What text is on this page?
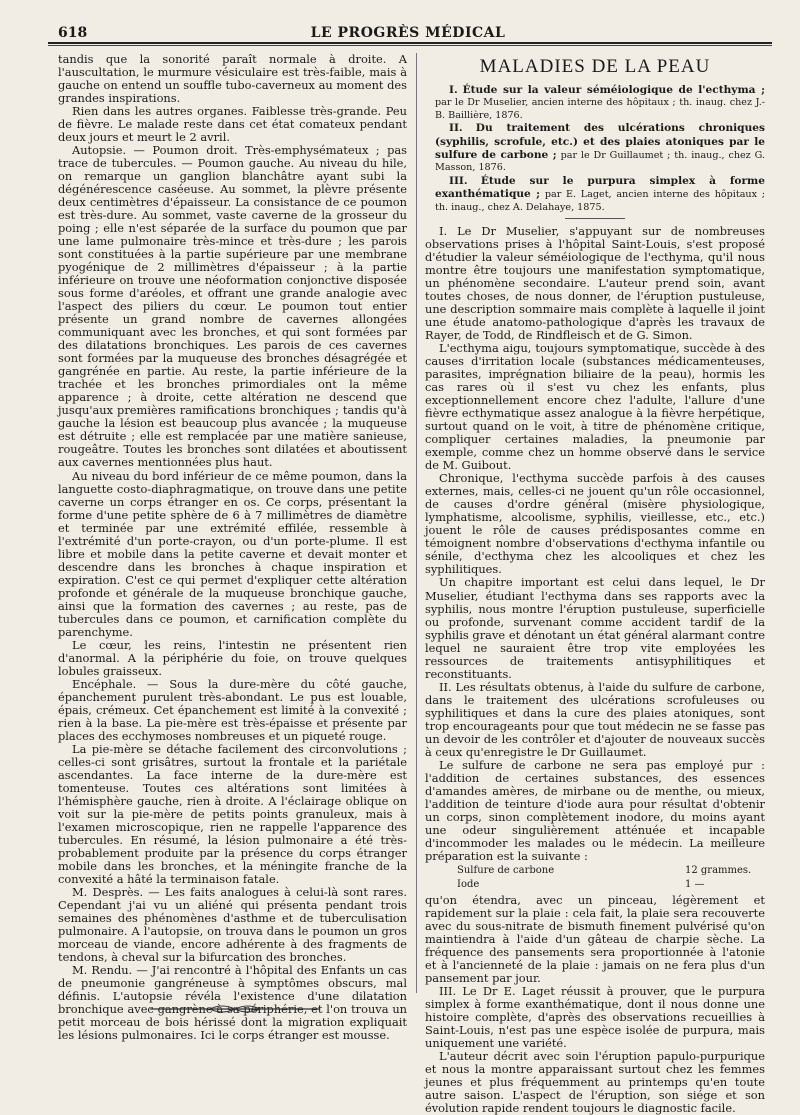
618	LE PROGRÈS MÉDICAL

tandis que la sonorité paraît normale à droite. A l'auscultation, le murmure vésiculaire est très-faible, mais à gauche on entend un souffle tubo-caverneux au moment des grandes inspirations.

Rien dans les autres organes. Faiblesse très-grande. Peu de fièvre. Le malade reste dans cet état comateux pendant deux jours et meurt le 2 avril.

Autopsie. — Poumon droit. Très-emphysémateux ; pas trace de tubercules. — Poumon gauche. Au niveau du hile, on remarque un ganglion blanchâtre ayant subi la dégénérescence caséeuse. Au sommet, la plèvre présente deux centimètres d'épaisseur. La consistance de ce poumon est très-dure. Au sommet, vaste caverne de la grosseur du poing ; elle n'est séparée de la surface du poumon que par une lame pulmonaire très-mince et très-dure ; les parois sont constituées à la partie supérieure par une membrane pyogénique de 2 millimètres d'épaisseur ; à la partie inférieure on trouve une néoformation conjonctive disposée sous forme d'aréoles, et offrant une grande analogie avec l'aspect des piliers du cœur. Le poumon tout entier présente un grand nombre de cavernes allongées communiquant avec les bronches, et qui sont formées par des dilatations bronchiques. Les parois de ces cavernes sont formées par la muqueuse des bronches désagrégée et gangrénée en partie. Au reste, la partie inférieure de la trachée et les bronches primordiales ont la même apparence ; à droite, cette altération ne descend que jusqu'aux premières ramifications bronchiques ; tandis qu'à gauche la lésion est beaucoup plus avancée ; la muqueuse est détruite ; elle est remplacée par une matière sanieuse, rougeâtre. Toutes les bronches sont dilatées et aboutissent aux cavernes mentionnées plus haut.

Au niveau du bord inférieur de ce même poumon, dans la languette costo-diaphragmatique, on trouve dans une petite caverne un corps étranger en os. Ce corps, présentant la forme d'une petite sphère de 6 à 7 millimètres de diamètre et terminée par une extrémité effilée, ressemble à l'extrémité d'un porte-crayon, ou d'un porte-plume. Il est libre et mobile dans la petite caverne et devait monter et descendre dans les bronches à chaque inspiration et expiration. C'est ce qui permet d'expliquer cette altération profonde et générale de la muqueuse bronchique gauche, ainsi que la formation des cavernes ; au reste, pas de tubercules dans ce poumon, et carnification complète du parenchyme.

Le cœur, les reins, l'intestin ne présentent rien d'anormal. A la périphérie du foie, on trouve quelques lobules graisseux.

Encéphale. — Sous la dure-mère du côté gauche, épanchement purulent très-abondant. Le pus est louable, épais, crémeux. Cet épanchement est limité à la convexité ; rien à la base. La pie-mère est très-épaisse et présente par places des ecchymoses nombreuses et un piqueté rouge.

La pie-mère se détache facilement des circonvolutions ; celles-ci sont grisâtres, surtout la frontale et la pariétale ascendantes. La face interne de la dure-mère est tomenteuse. Toutes ces altérations sont limitées à l'hémisphère gauche, rien à droite. A l'éclairage oblique on voit sur la pie-mère de petits points granuleux, mais à l'examen microscopique, rien ne rappelle l'apparence des tubercules. En résumé, la lésion pulmonaire a été très-probablement produite par la présence du corps étranger mobile dans les bronches, et la méningite franche de la convexité a hâté la terminaison fatale.

M. Desprès. — Les faits analogues à celui-là sont rares. Cependant j'ai vu un aliéné qui présenta pendant trois semaines des phénomènes d'asthme et de tuberculisation pulmonaire. A l'autopsie, on trouva dans le poumon un gros morceau de viande, encore adhérente à des fragments de tendons, à cheval sur la bifurcation des bronches.

M. Rendu. — J'ai rencontré à l'hôpital des Enfants un cas de pneumonie gangréneuse à symptômes obscurs, mal définis. L'autopsie révéla l'existence d'une dilatation bronchique avec gangrène à sa périphérie, et l'on trouva un petit morceau de bois hérissé dont la migration expliquait les lésions pulmonaires. Ici le corps étranger est mousse.

MALADIES DE LA PEAU

I. Étude sur la valeur séméiologique de l'ecthyma ; par le Dr Muselier, ancien interne des hôpitaux ; th. inaug. chez J.-B. Baillière, 1876.

II. Du traitement des ulcérations chroniques (syphilis, scrofule, etc.) et des plaies atoniques par le sulfure de carbone ; par le Dr Guillaumet ; th. inaug., chez G. Masson, 1876.

III. Étude sur le purpura simplex à forme exanthématique ; par E. Laget, ancien interne des hôpitaux ; th. inaug., chez A. Delahaye, 1875.

I. Le Dr Muselier, s'appuyant sur de nombreuses observations prises à l'hôpital Saint-Louis, s'est proposé d'étudier la valeur séméiologique de l'ecthyma, qu'il nous montre être toujours une manifestation symptomatique, un phénomène secondaire. L'auteur prend soin, avant toutes choses, de nous donner, de l'éruption pustuleuse, une description sommaire mais complète à laquelle il joint une étude anatomo-pathologique d'après les travaux de Rayer, de Todd, de Rindfleisch et de G. Simon.

L'ecthyma aigu, toujours symptomatique, succède à des causes d'irritation locale (substances médicamenteuses, parasites, imprégnation biliaire de la peau), hormis les cas rares où il s'est vu chez les enfants, plus exceptionnellement encore chez l'adulte, l'allure d'une fièvre ecthymatique assez analogue à la fièvre herpétique, surtout quand on le voit, à titre de phénomène critique, compliquer certaines maladies, la pneumonie par exemple, comme chez un homme observé dans le service de M. Guibout.

Chronique, l'ecthyma succède parfois à des causes externes, mais, celles-ci ne jouent qu'un rôle occasionnel, de causes d'ordre général (misère physiologique, lymphatisme, alcoolisme, syphilis, vieillesse, etc., etc.) jouent le rôle de causes prédisposantes comme en témoignent nombre d'observations d'ecthyma infantile ou sénile, d'ecthyma chez les alcooliques et chez les syphilitiques.

Un chapitre important est celui dans lequel, le Dr Muselier, étudiant l'ecthyma dans ses rapports avec la syphilis, nous montre l'éruption pustuleuse, superficielle ou profonde, survenant comme accident tardif de la syphilis grave et dénotant un état général alarmant contre lequel ne sauraient être trop vite employées les ressources de traitements antisyphilitiques et reconstituants.

II. Les résultats obtenus, à l'aide du sulfure de carbone, dans le traitement des ulcérations scrofuleuses ou syphilitiques et dans la cure des plaies atoniques, sont trop encourageants pour que tout médecin ne se fasse pas un devoir de les contrôler et d'ajouter de nouveaux succès à ceux qu'enregistre le Dr Guillaumet.

Le sulfure de carbone ne sera pas employé pur : l'addition de certaines substances, des essences d'amandes amères, de mirbane ou de menthe, ou mieux, l'addition de teinture d'iode aura pour résultat d'obtenir un corps, sinon complètement inodore, du moins ayant une odeur singulièrement atténuée et incapable d'incommoder les malades ou le médecin. La meilleure préparation est la suivante :

Sulfure de carbone	12 grammes.
Iode	1 —

qu'on étendra, avec un pinceau, légèrement et rapidement sur la plaie : cela fait, la plaie sera recouverte avec du sous-nitrate de bismuth finement pulvérisé qu'on maintiendra à l'aide d'un gâteau de charpie sèche. La fréquence des pansements sera proportionnée à l'atonie et à l'ancienneté de la plaie : jamais on ne fera plus d'un pansement par jour.

III. Le Dr E. Laget réussit à prouver, que le purpura simplex à forme exanthématique, dont il nous donne une histoire complète, d'après des observations recueillies à Saint-Louis, n'est pas une espèce isolée de purpura, mais uniquement une variété.

L'auteur décrit avec soin l'éruption papulo-purpurique et nous la montre apparaissant surtout chez les femmes jeunes et plus fréquemment au printemps qu'en toute autre saison. L'aspect de l'éruption, son siége et son évolution rapide rendent toujours le diagnostic facile.
